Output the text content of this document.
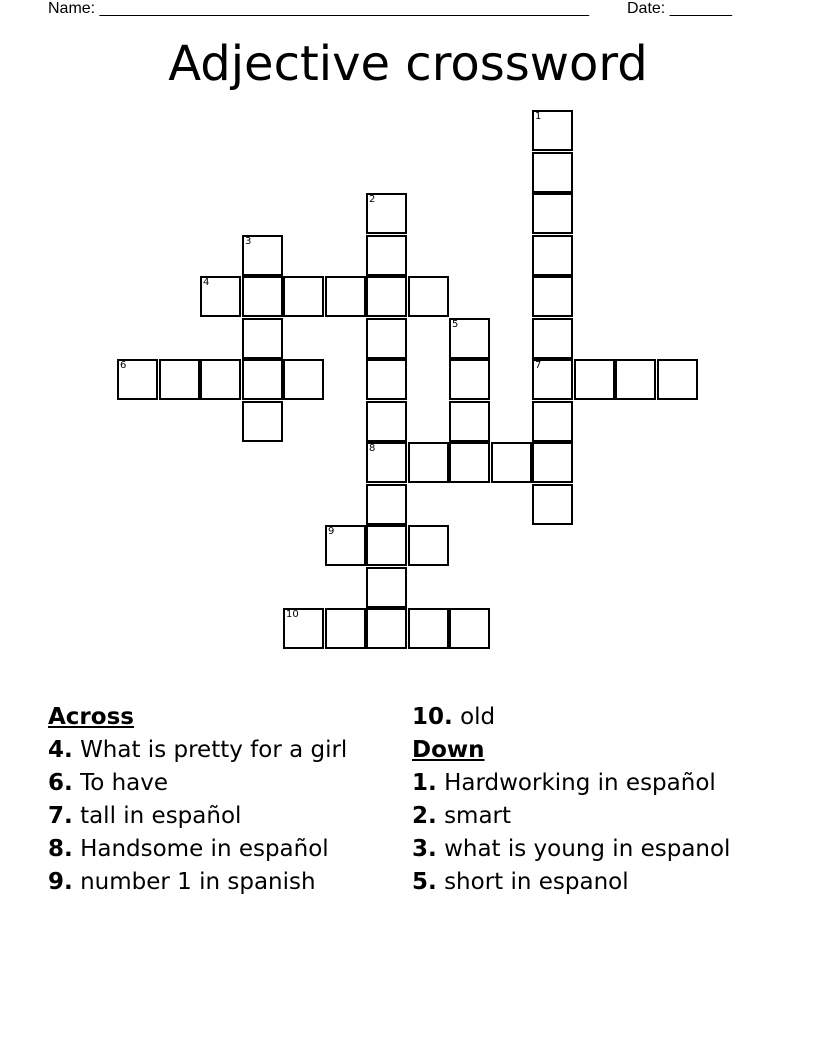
Name: _______________________________________________________ Date: _______
Adjective crossword
1
7
2
8
3
4
5
6
9
10
Across
4. What is pretty for a girl
6. To have
7. tall in español
8. Handsome in español
9. number 1 in spanish
10. old
Down
1. Hardworking in español
2. smart
3. what is young in espanol
5. short in espanol
